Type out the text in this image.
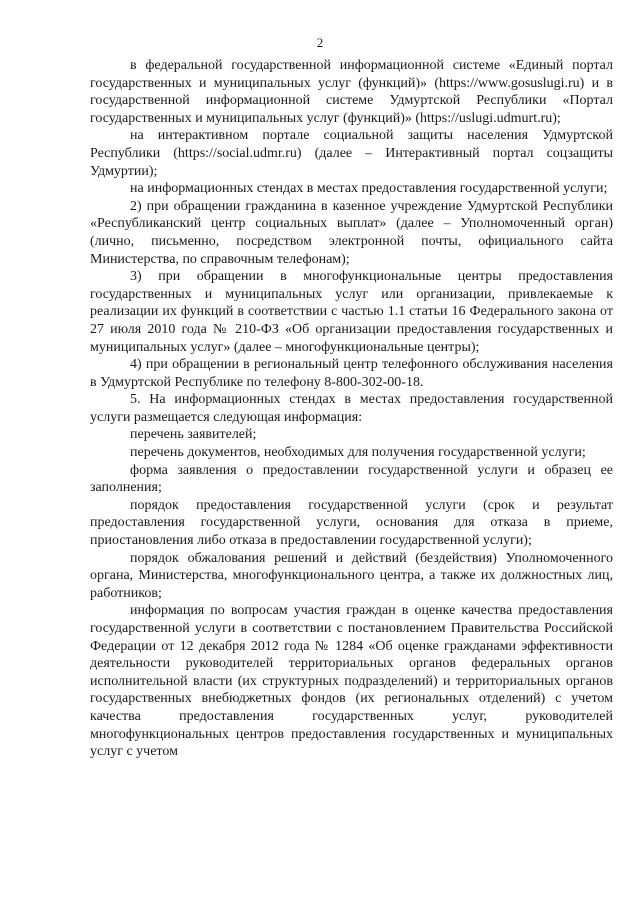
2

в федеральной государственной информационной системе «Единый портал государственных и муниципальных услуг (функций)» (https://www.gosuslugi.ru) и в государственной информационной системе Удмуртской Республики «Портал государственных и муниципальных услуг (функций)» (https://uslugi.udmurt.ru);

на интерактивном портале социальной защиты населения Удмуртской Республики (https://social.udmr.ru) (далее – Интерактивный портал соцзащиты Удмуртии);

на информационных стендах в местах предоставления государственной услуги;

2) при обращении гражданина в казенное учреждение Удмуртской Республики «Республиканский центр социальных выплат» (далее – Уполномоченный орган) (лично, письменно, посредством электронной почты, официального сайта Министерства, по справочным телефонам);

3) при обращении в многофункциональные центры предоставления государственных и муниципальных услуг или организации, привлекаемые к реализации их функций в соответствии с частью 1.1 статьи 16 Федерального закона от 27 июля 2010 года № 210-ФЗ «Об организации предоставления государственных и муниципальных услуг» (далее – многофункциональные центры);

4) при обращении в региональный центр телефонного обслуживания населения в Удмуртской Республике по телефону 8-800-302-00-18.

5. На информационных стендах в местах предоставления государственной услуги размещается следующая информация:

перечень заявителей;

перечень документов, необходимых для получения государственной услуги;

форма заявления о предоставлении государственной услуги и образец ее заполнения;

порядок предоставления государственной услуги (срок и результат предоставления государственной услуги, основания для отказа в приеме, приостановления либо отказа в предоставлении государственной услуги);

порядок обжалования решений и действий (бездействия) Уполномоченного органа, Министерства, многофункционального центра, а также их должностных лиц, работников;

информация по вопросам участия граждан в оценке качества предоставления государственной услуги в соответствии с постановлением Правительства Российской Федерации от 12 декабря 2012 года № 1284 «Об оценке гражданами эффективности деятельности руководителей территориальных органов федеральных органов исполнительной власти (их структурных подразделений) и территориальных органов государственных внебюджетных фондов (их региональных отделений) с учетом качества предоставления государственных услуг, руководителей многофункциональных центров предоставления государственных и муниципальных услуг с учетом
